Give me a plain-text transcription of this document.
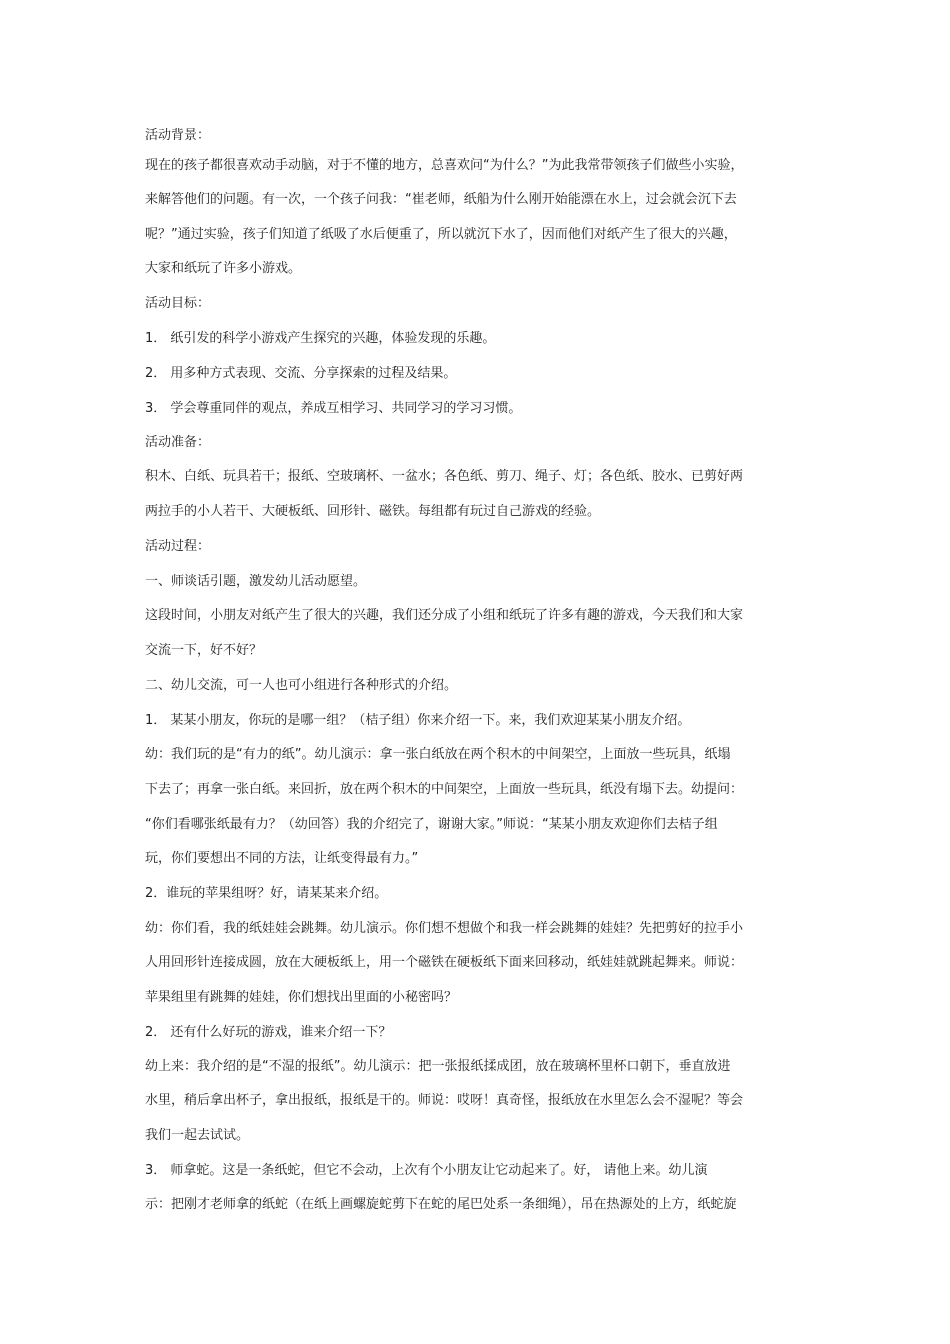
活动背景：
现在的孩子都很喜欢动手动脑，对于不懂的地方，总喜欢问“为什么？”为此我常带领孩子们做些小实验，
来解答他们的问题。有一次，一个孩子问我：“崔老师，纸船为什么刚开始能漂在水上，过会就会沉下去
呢？”通过实验，孩子们知道了纸吸了水后便重了，所以就沉下水了，因而他们对纸产生了很大的兴趣，
大家和纸玩了许多小游戏。
活动目标：
1． 纸引发的科学小游戏产生探究的兴趣，体验发现的乐趣。
2． 用多种方式表现、交流、分享探索的过程及结果。
3． 学会尊重同伴的观点，养成互相学习、共同学习的学习习惯。
活动准备：
积木、白纸、玩具若干；报纸、空玻璃杯、一盆水；各色纸、剪刀、绳子、灯；各色纸、胶水、已剪好两
两拉手的小人若干、大硬板纸、回形针、磁铁。每组都有玩过自己游戏的经验。
活动过程：
一、师谈话引题，激发幼儿活动愿望。
这段时间，小朋友对纸产生了很大的兴趣，我们还分成了小组和纸玩了许多有趣的游戏，今天我们和大家
交流一下，好不好？
二、幼儿交流，可一人也可小组进行各种形式的介绍。
1． 某某小朋友，你玩的是哪一组？（桔子组）你来介绍一下。来，我们欢迎某某小朋友介绍。
幼：我们玩的是“有力的纸”。幼儿演示：拿一张白纸放在两个积木的中间架空，上面放一些玩具，纸塌
下去了；再拿一张白纸。来回折，放在两个积木的中间架空，上面放一些玩具，纸没有塌下去。幼提问：
“你们看哪张纸最有力？（幼回答）我的介绍完了，谢谢大家。”师说：“某某小朋友欢迎你们去桔子组
玩，你们要想出不同的方法，让纸变得最有力。”
2．谁玩的苹果组呀？好，请某某来介绍。
幼：你们看，我的纸娃娃会跳舞。幼儿演示。你们想不想做个和我一样会跳舞的娃娃？先把剪好的拉手小
人用回形针连接成圆，放在大硬板纸上，用一个磁铁在硬板纸下面来回移动，纸娃娃就跳起舞来。师说：
苹果组里有跳舞的娃娃，你们想找出里面的小秘密吗？
2． 还有什么好玩的游戏，谁来介绍一下？
幼上来：我介绍的是“不湿的报纸”。幼儿演示：把一张报纸揉成团，放在玻璃杯里杯口朝下，垂直放进
水里，稍后拿出杯子，拿出报纸，报纸是干的。师说：哎呀！真奇怪，报纸放在水里怎么会不湿呢？等会
我们一起去试试。
3． 师拿蛇。这是一条纸蛇，但它不会动，上次有个小朋友让它动起来了。好， 请他上来。幼儿演
示：把刚才老师拿的纸蛇（在纸上画螺旋蛇剪下在蛇的尾巴处系一条细绳），吊在热源处的上方，纸蛇旋
